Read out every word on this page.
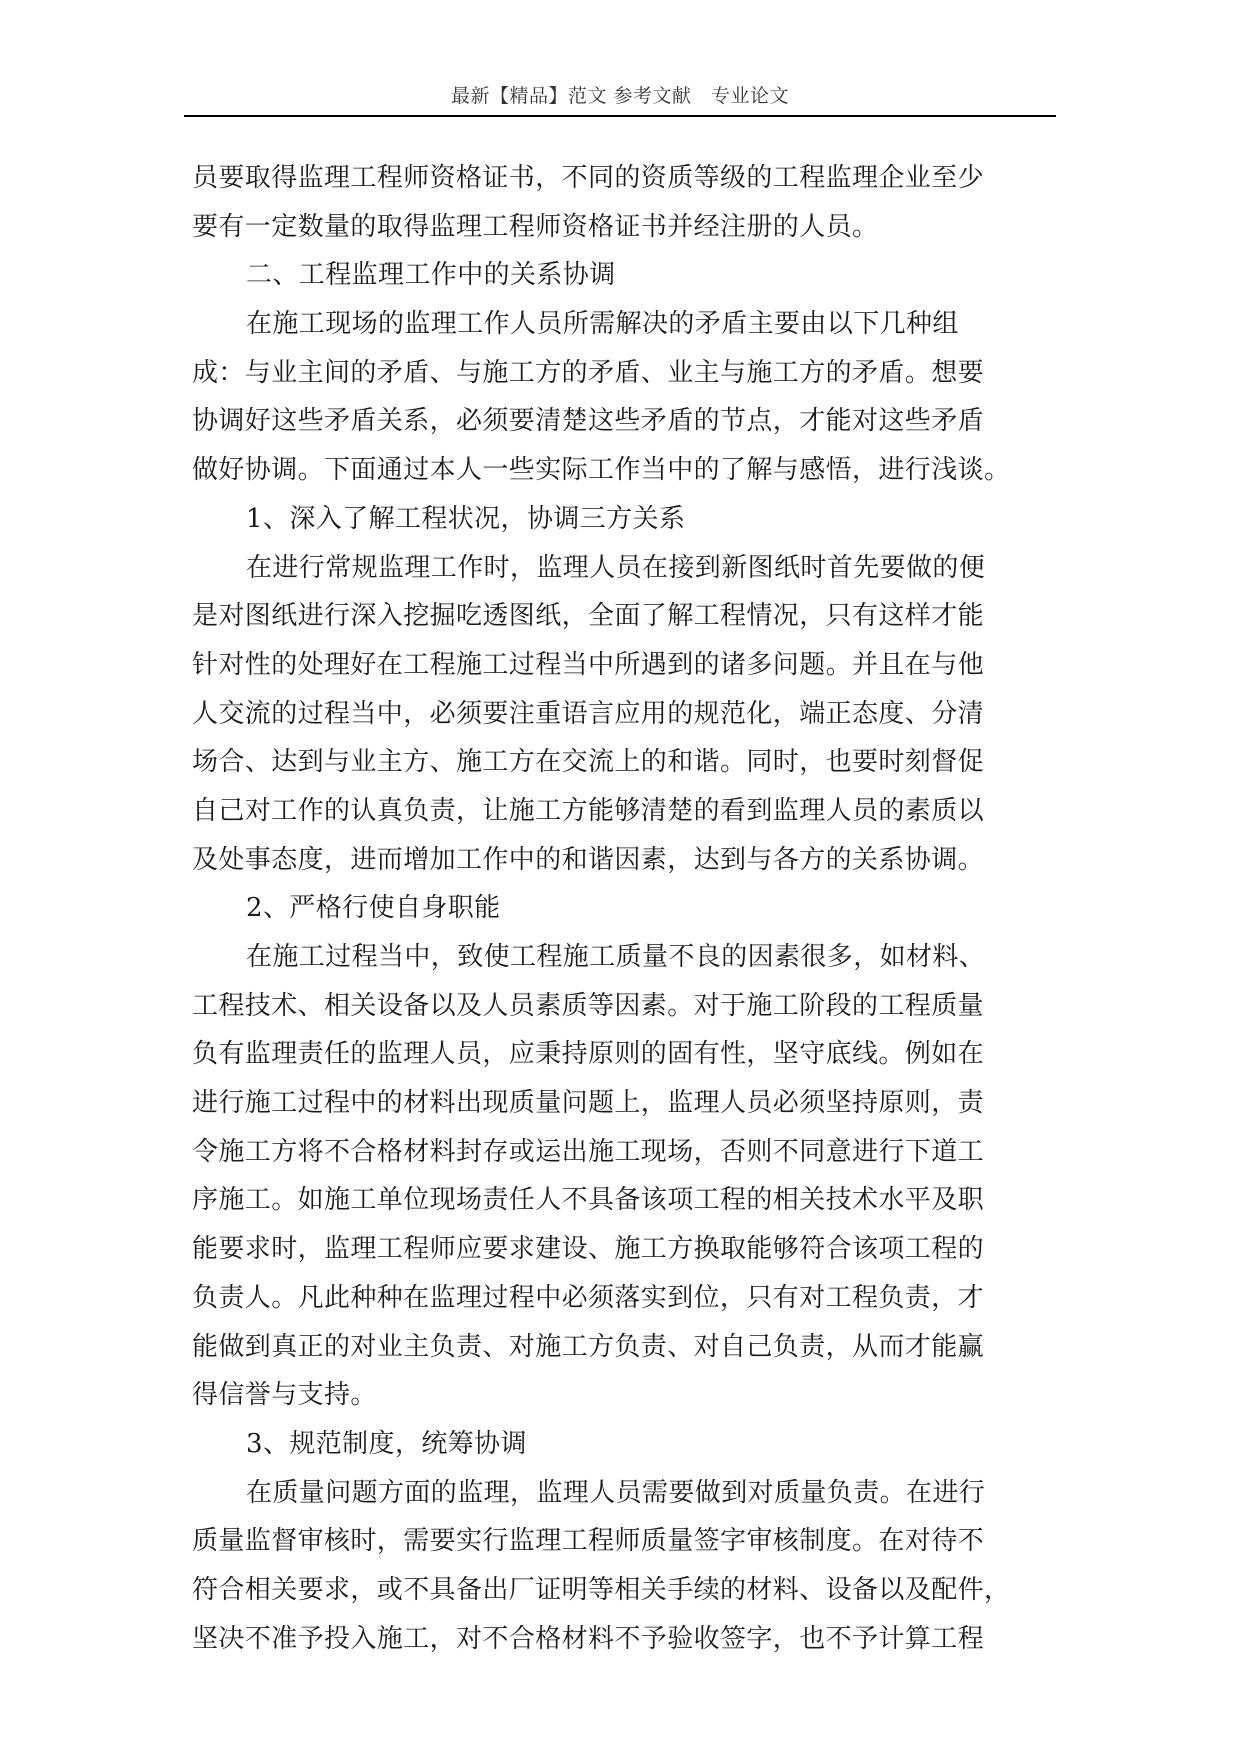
最新【精品】范文 参考文献　专业论文
员要取得监理工程师资格证书，不同的资质等级的工程监理企业至少
要有一定数量的取得监理工程师资格证书并经注册的人员。
二、工程监理工作中的关系协调
在施工现场的监理工作人员所需解决的矛盾主要由以下几种组
成：与业主间的矛盾、与施工方的矛盾、业主与施工方的矛盾。想要
协调好这些矛盾关系，必须要清楚这些矛盾的节点，才能对这些矛盾
做好协调。下面通过本人一些实际工作当中的了解与感悟，进行浅谈。
1、深入了解工程状况，协调三方关系
在进行常规监理工作时，监理人员在接到新图纸时首先要做的便
是对图纸进行深入挖掘吃透图纸，全面了解工程情况，只有这样才能
针对性的处理好在工程施工过程当中所遇到的诸多问题。并且在与他
人交流的过程当中，必须要注重语言应用的规范化，端正态度、分清
场合、达到与业主方、施工方在交流上的和谐。同时，也要时刻督促
自己对工作的认真负责，让施工方能够清楚的看到监理人员的素质以
及处事态度，进而增加工作中的和谐因素，达到与各方的关系协调。
2、严格行使自身职能
在施工过程当中，致使工程施工质量不良的因素很多，如材料、
工程技术、相关设备以及人员素质等因素。对于施工阶段的工程质量
负有监理责任的监理人员，应秉持原则的固有性，坚守底线。例如在
进行施工过程中的材料出现质量问题上，监理人员必须坚持原则，责
令施工方将不合格材料封存或运出施工现场，否则不同意进行下道工
序施工。如施工单位现场责任人不具备该项工程的相关技术水平及职
能要求时，监理工程师应要求建设、施工方换取能够符合该项工程的
负责人。凡此种种在监理过程中必须落实到位，只有对工程负责，才
能做到真正的对业主负责、对施工方负责、对自己负责，从而才能赢
得信誉与支持。
3、规范制度，统筹协调
在质量问题方面的监理，监理人员需要做到对质量负责。在进行
质量监督审核时，需要实行监理工程师质量签字审核制度。在对待不
符合相关要求，或不具备出厂证明等相关手续的材料、设备以及配件，
坚决不准予投入施工，对不合格材料不予验收签字，也不予计算工程
